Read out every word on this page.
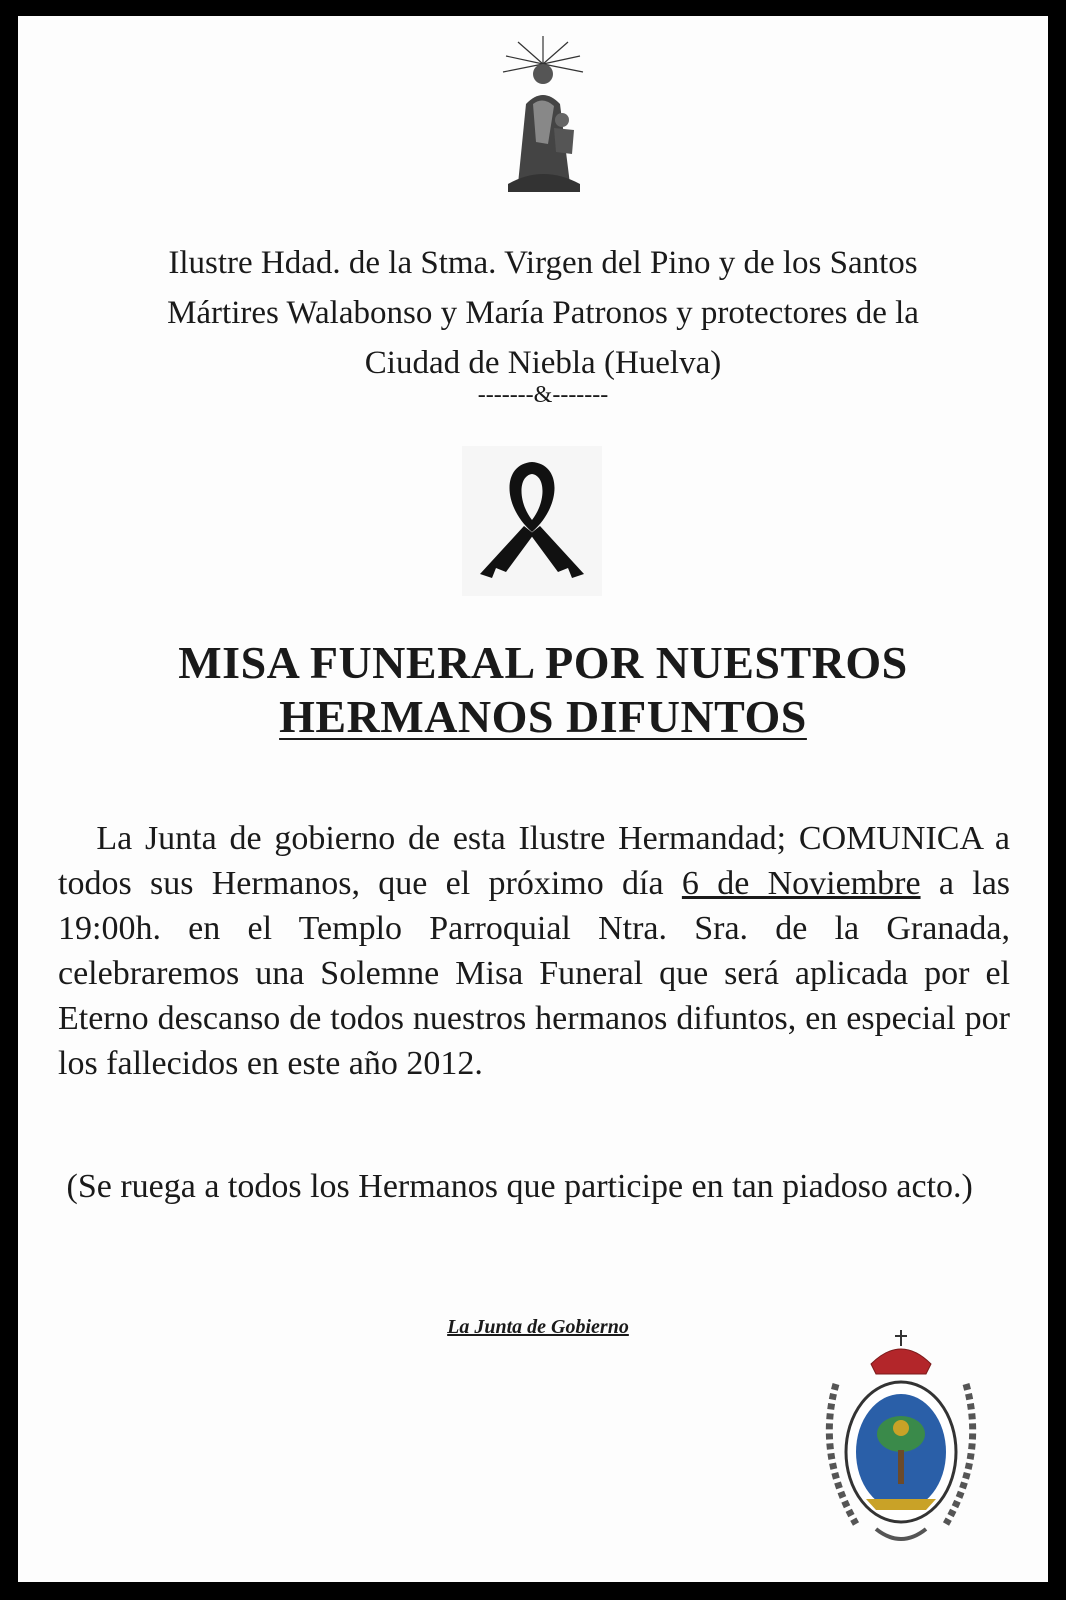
Ilustre Hdad. de la Stma. Virgen del Pino y de los Santos
Mártires Walabonso y María Patronos y protectores de la
Ciudad de Niebla (Huelva)
-------&-------
MISA FUNERAL POR NUESTROS
HERMANOS DIFUNTOS
La Junta de gobierno de esta Ilustre Hermandad; COMUNICA a todos sus Hermanos, que el próximo día 6 de Noviembre a las 19:00h. en el Templo Parroquial Ntra. Sra. de la Granada, celebraremos una Solemne Misa Funeral que será aplicada por el Eterno descanso de todos nuestros hermanos difuntos, en especial por los fallecidos en este año 2012.
(Se ruega a todos los Hermanos que participe en tan piadoso acto.)
La Junta de Gobierno
